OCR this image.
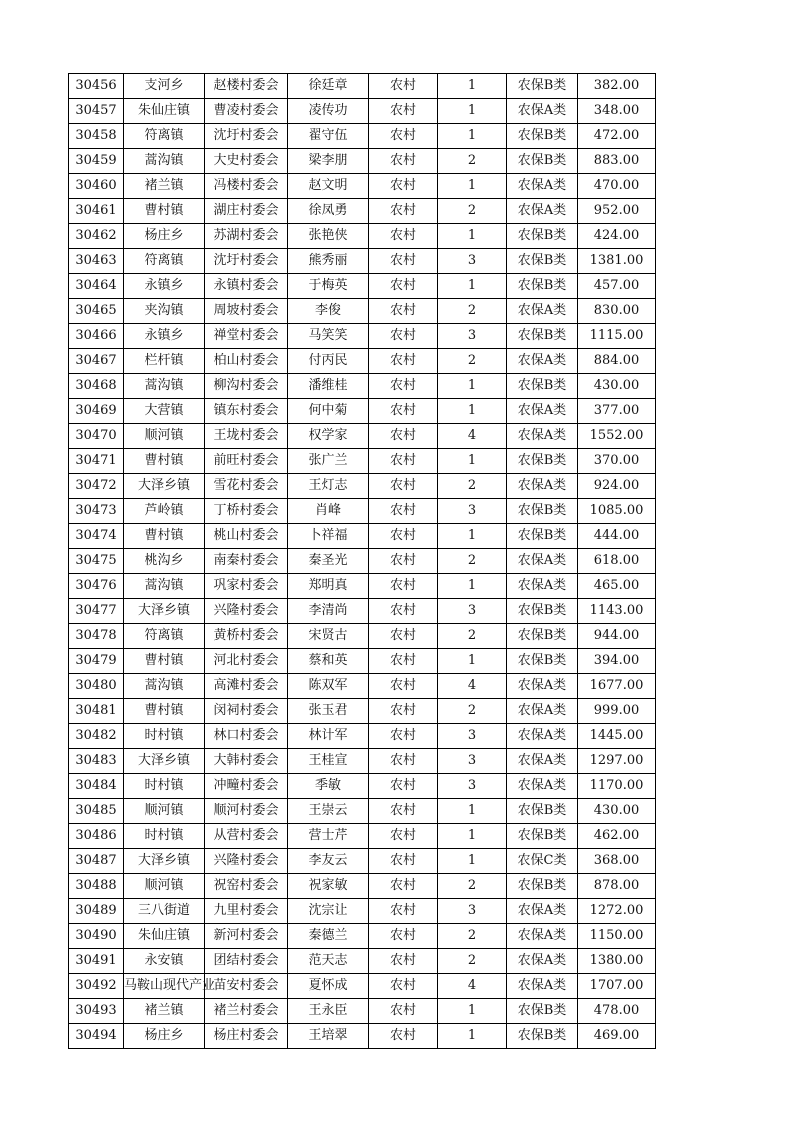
30456	支河乡	赵楼村委会	徐廷章	农村	1	农保B类	382.00
30457	朱仙庄镇	曹凌村委会	凌传功	农村	1	农保A类	348.00
30458	符离镇	沈圩村委会	翟守伍	农村	1	农保B类	472.00
30459	蒿沟镇	大史村委会	梁李朋	农村	2	农保B类	883.00
30460	褚兰镇	冯楼村委会	赵文明	农村	1	农保A类	470.00
30461	曹村镇	湖庄村委会	徐凤勇	农村	2	农保A类	952.00
30462	杨庄乡	苏湖村委会	张艳侠	农村	1	农保B类	424.00
30463	符离镇	沈圩村委会	熊秀丽	农村	3	农保B类	1381.00
30464	永镇乡	永镇村委会	于梅英	农村	1	农保B类	457.00
30465	夹沟镇	周坡村委会	李俊	农村	2	农保A类	830.00
30466	永镇乡	禅堂村委会	马笑笑	农村	3	农保B类	1115.00
30467	栏杆镇	柏山村委会	付丙民	农村	2	农保A类	884.00
30468	蒿沟镇	柳沟村委会	潘维桂	农村	1	农保B类	430.00
30469	大营镇	镇东村委会	何中菊	农村	1	农保A类	377.00
30470	顺河镇	王垅村委会	权学家	农村	4	农保A类	1552.00
30471	曹村镇	前旺村委会	张广兰	农村	1	农保B类	370.00
30472	大泽乡镇	雪花村委会	王灯志	农村	2	农保A类	924.00
30473	芦岭镇	丁桥村委会	肖峰	农村	3	农保B类	1085.00
30474	曹村镇	桃山村委会	卜祥福	农村	1	农保B类	444.00
30475	桃沟乡	南秦村委会	秦圣光	农村	2	农保A类	618.00
30476	蒿沟镇	巩家村委会	郑明真	农村	1	农保A类	465.00
30477	大泽乡镇	兴隆村委会	李清尚	农村	3	农保B类	1143.00
30478	符离镇	黄桥村委会	宋贤古	农村	2	农保B类	944.00
30479	曹村镇	河北村委会	蔡和英	农村	1	农保B类	394.00
30480	蒿沟镇	高滩村委会	陈双军	农村	4	农保A类	1677.00
30481	曹村镇	闵祠村委会	张玉君	农村	2	农保A类	999.00
30482	时村镇	林口村委会	林计军	农村	3	农保A类	1445.00
30483	大泽乡镇	大韩村委会	王桂宣	农村	3	农保A类	1297.00
30484	时村镇	冲疃村委会	季敏	农村	3	农保A类	1170.00
30485	顺河镇	顺河村委会	王崇云	农村	1	农保B类	430.00
30486	时村镇	从营村委会	营士芹	农村	1	农保B类	462.00
30487	大泽乡镇	兴隆村委会	李友云	农村	1	农保C类	368.00
30488	顺河镇	祝窑村委会	祝家敏	农村	2	农保B类	878.00
30489	三八街道	九里村委会	沈宗让	农村	3	农保A类	1272.00
30490	朱仙庄镇	新河村委会	秦德兰	农村	2	农保A类	1150.00
30491	永安镇	团结村委会	范天志	农村	2	农保A类	1380.00
30492	马鞍山现代产业	苗安村委会	夏怀成	农村	4	农保A类	1707.00
30493	褚兰镇	褚兰村委会	王永臣	农村	1	农保B类	478.00
30494	杨庄乡	杨庄村委会	王培翠	农村	1	农保B类	469.00
